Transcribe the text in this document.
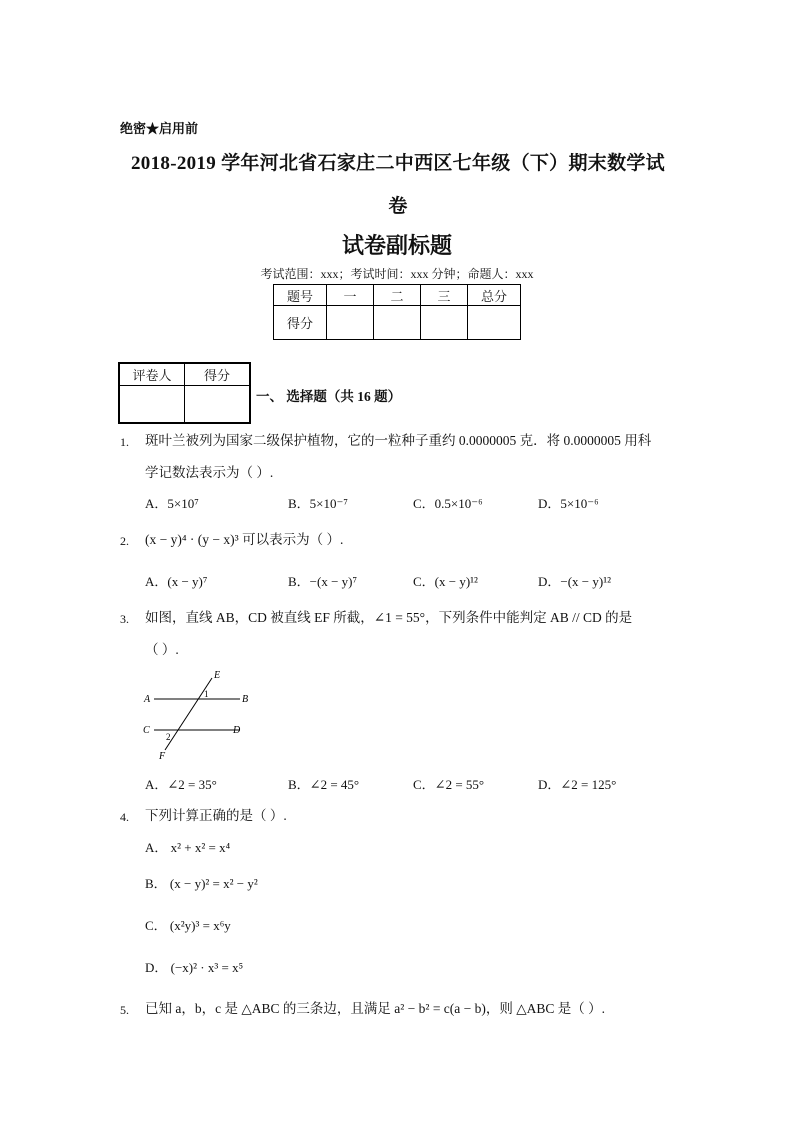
绝密★启用前
2018-2019 学年河北省石家庄二中西区七年级（下）期末数学试
卷
试卷副标题
考试范围：xxx；考试时间：xxx 分钟；命题人：xxx
题号	一	二	三	总分
得分				
评卷人	得分

一、 选择题（共 16 题）
1. 斑叶兰被列为国家二级保护植物，它的一粒种子重约 0.0000005 克．将 0.0000005 用科
学记数法表示为（ ）.
A．5×10⁷	B．5×10⁻⁷	C．0.5×10⁻⁶	D．5×10⁻⁶
2. (x − y)⁴ · (y − x)³ 可以表示为（ ）.
A．(x − y)⁷	B．−(x − y)⁷	C．(x − y)¹²	D．−(x − y)¹²
3. 如图，直线 AB，CD 被直线 EF 所截，∠1 = 55°，下列条件中能判定 AB // CD 的是
（ ）.
E
A	1	B
C
2
D
F
A．∠2 = 35°	B．∠2 = 45°	C．∠2 = 55°	D．∠2 = 125°
4. 下列计算正确的是（ ）.
A． x² + x² = x⁴
B． (x − y)² = x² − y²
C． (x²y)³ = x⁶y
D． (−x)² · x³ = x⁵
5. 已知 a，b，c 是 △ABC 的三条边，且满足 a² − b² = c(a − b)，则 △ABC 是（ ）.
